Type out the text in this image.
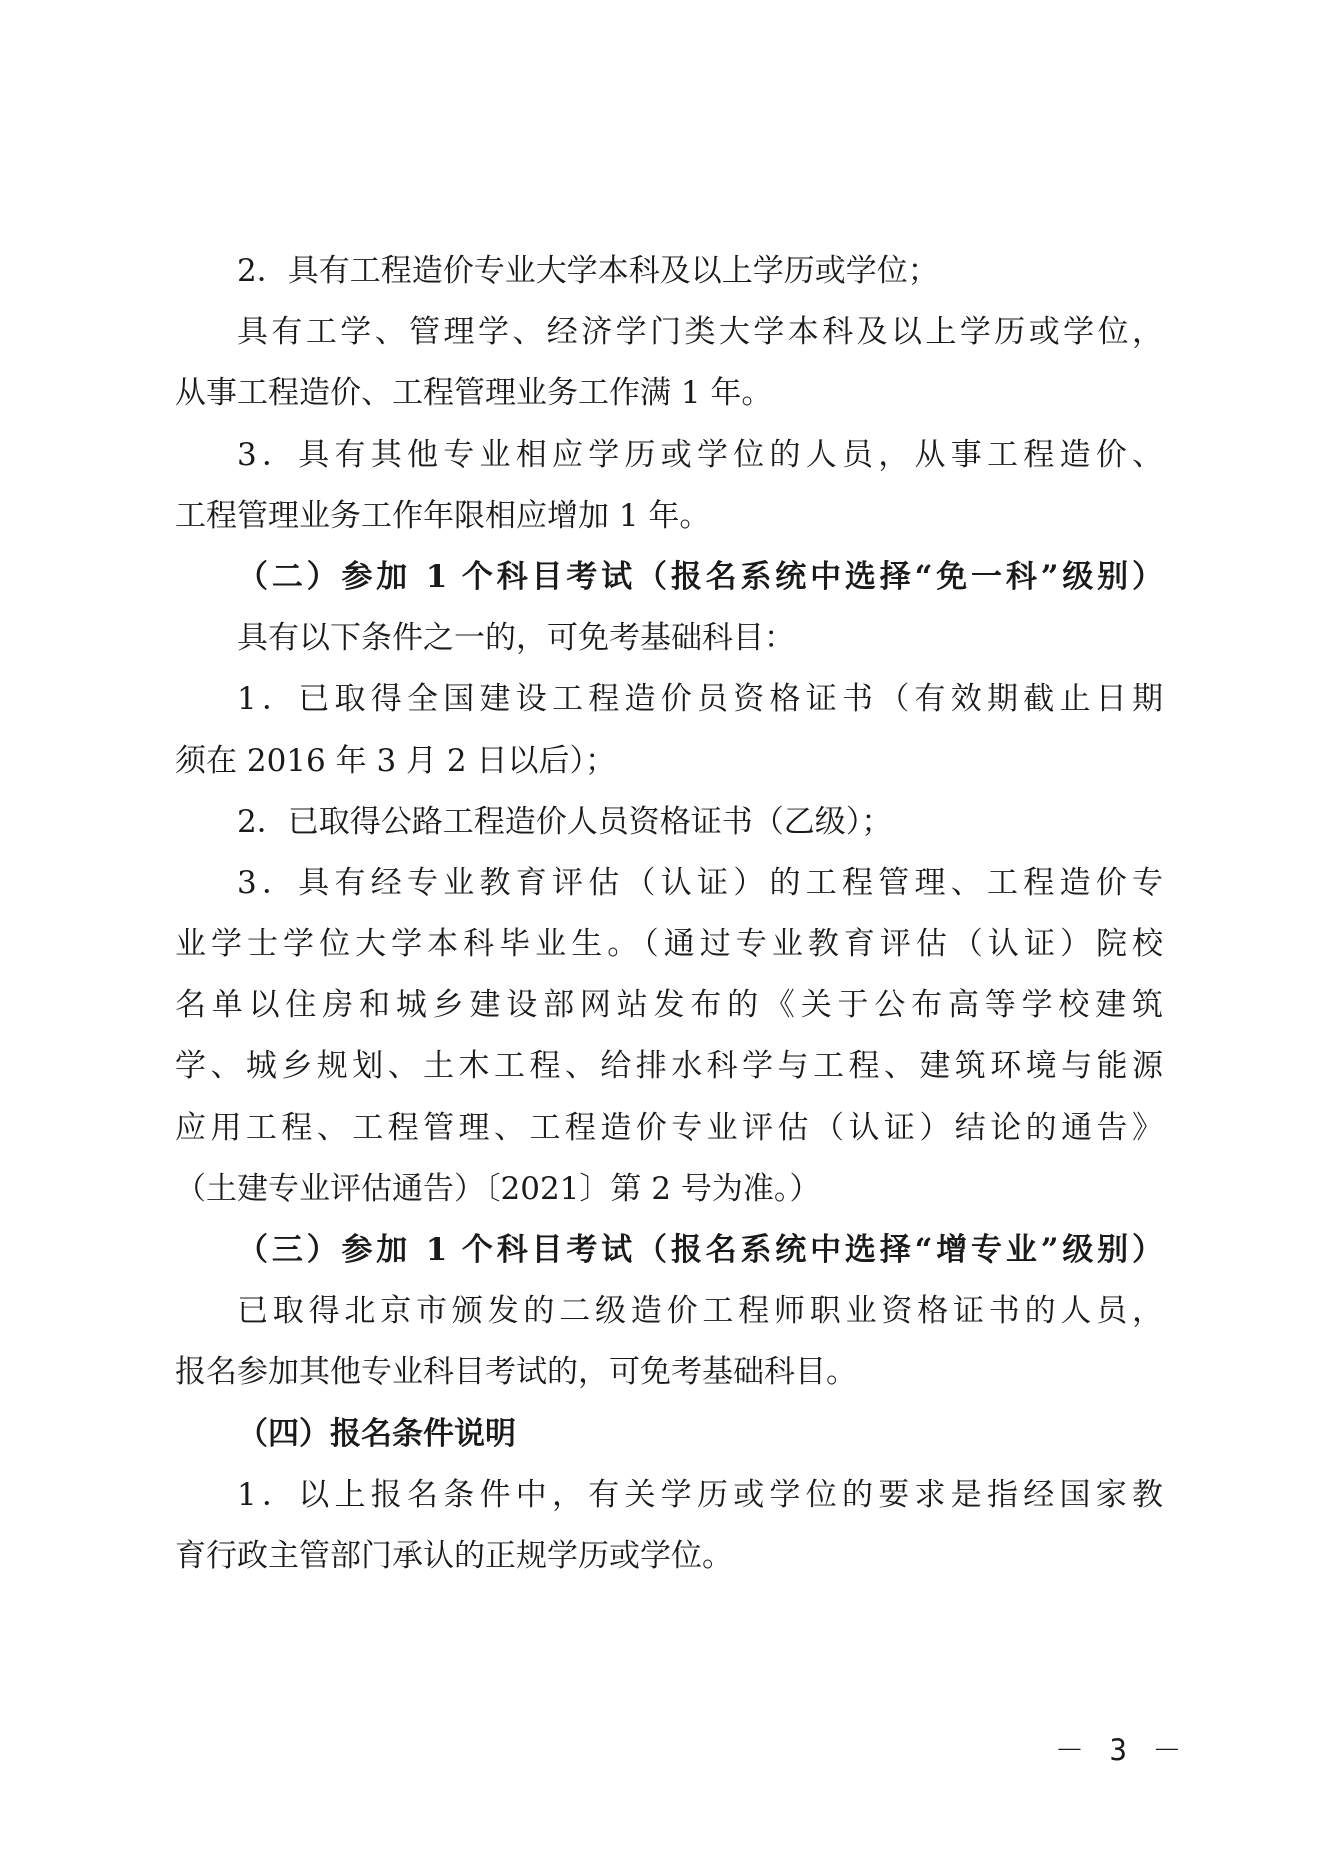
2．具有工程造价专业大学本科及以上学历或学位；
具有工学、管理学、经济学门类大学本科及以上学历或学位，
从事工程造价、工程管理业务工作满 1 年。
3．具有其他专业相应学历或学位的人员，从事工程造价、
工程管理业务工作年限相应增加 1 年。
（二）参加 1 个科目考试（报名系统中选择“免一科”级别）
具有以下条件之一的，可免考基础科目：
1．已取得全国建设工程造价员资格证书（有效期截止日期
须在 2016 年 3 月 2 日以后）；
2．已取得公路工程造价人员资格证书（乙级）；
3．具有经专业教育评估（认证）的工程管理、工程造价专
业学士学位大学本科毕业生。（通过专业教育评估（认证）院校
名单以住房和城乡建设部网站发布的《关于公布高等学校建筑
学、城乡规划、土木工程、给排水科学与工程、建筑环境与能源
应用工程、工程管理、工程造价专业评估（认证）结论的通告》
（土建专业评估通告）〔2021〕第 2 号为准。）
（三）参加 1 个科目考试（报名系统中选择“增专业”级别）
已取得北京市颁发的二级造价工程师职业资格证书的人员，
报名参加其他专业科目考试的，可免考基础科目。
（四）报名条件说明
1．以上报名条件中，有关学历或学位的要求是指经国家教
育行政主管部门承认的正规学历或学位。
－ 3 －
